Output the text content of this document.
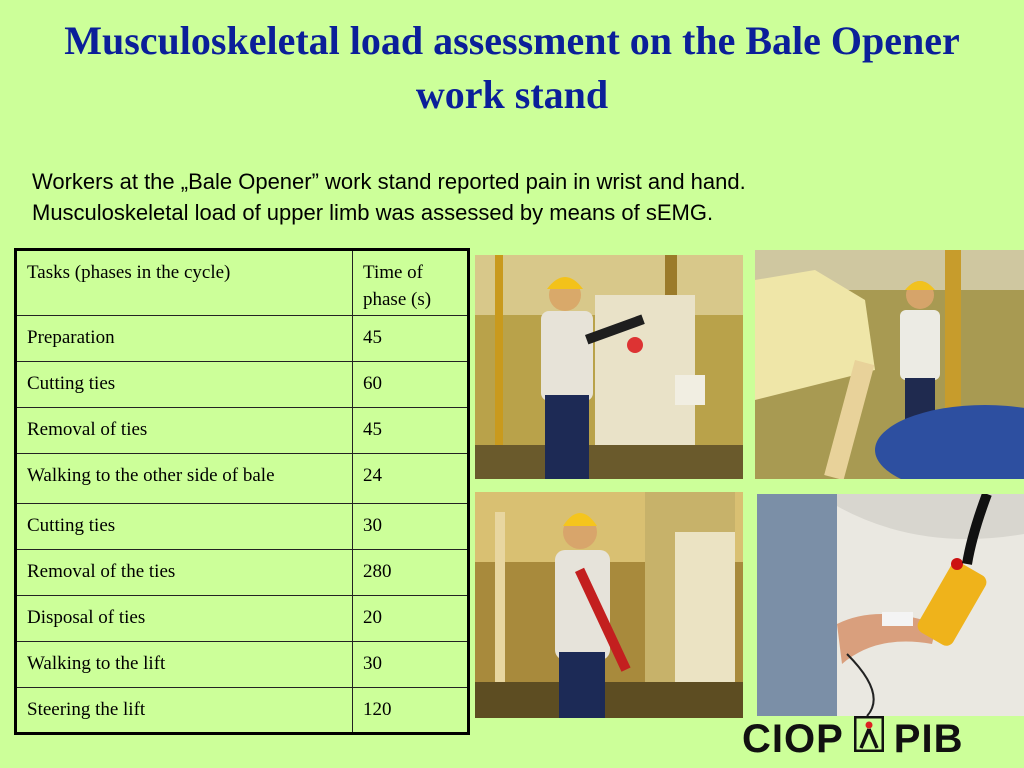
Musculoskeletal load assessment on the Bale Opener work stand

Workers at the „Bale Opener” work stand reported pain in wrist and hand.

Musculoskeletal load of upper limb was assessed by means of sEMG.

Tasks (phases in the cycle)	Time of phase (s)
Preparation	45
Cutting ties	60
Removal of ties	45
Walking to the other side of bale	24
Cutting ties	30
Removal of the ties	280
Disposal of ties	20
Walking to the lift	30
Steering the lift	120
CIOP PIB
